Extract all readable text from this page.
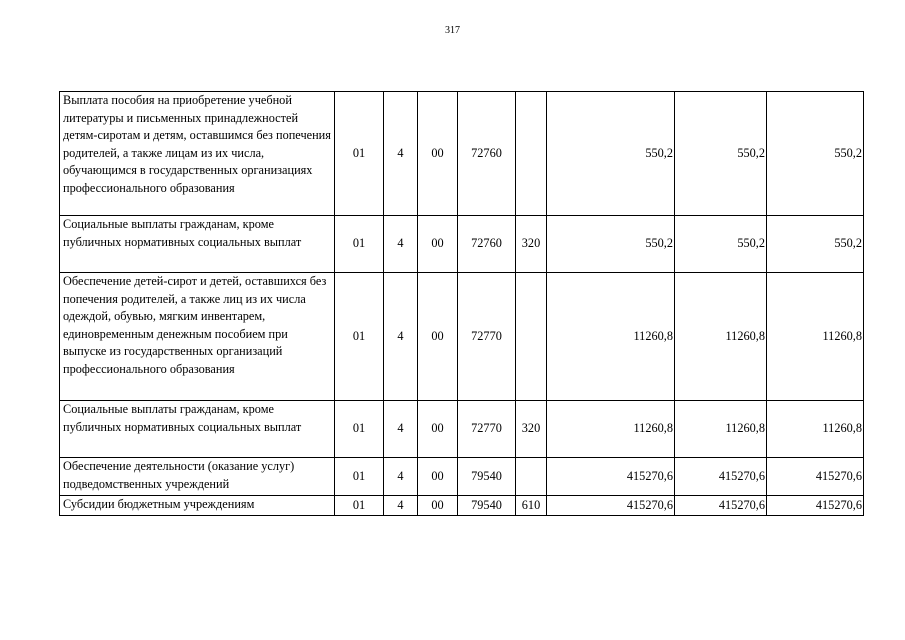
317
Выплата пособия на приобретение учебной литературы и письменных принадлежностей детям-сиротам и детям, оставшимся без попечения родителей, а также лицам из их числа, обучающимся в государственных организациях профессионального образования	01	4	00	72760		550,2	550,2	550,2
Социальные выплаты гражданам, кроме публичных нормативных социальных выплат	01	4	00	72760	320	550,2	550,2	550,2
Обеспечение детей-сирот и детей, оставшихся без попечения родителей, а также лиц из их числа одеждой, обувью, мягким инвентарем, единовременным денежным пособием при выпуске из государственных организаций профессионального образования	01	4	00	72770		11260,8	11260,8	11260,8
Социальные выплаты гражданам, кроме публичных нормативных социальных выплат	01	4	00	72770	320	11260,8	11260,8	11260,8
Обеспечение деятельности (оказание услуг) подведомственных учреждений	01	4	00	79540		415270,6	415270,6	415270,6
Субсидии бюджетным учреждениям	01	4	00	79540	610	415270,6	415270,6	415270,6
